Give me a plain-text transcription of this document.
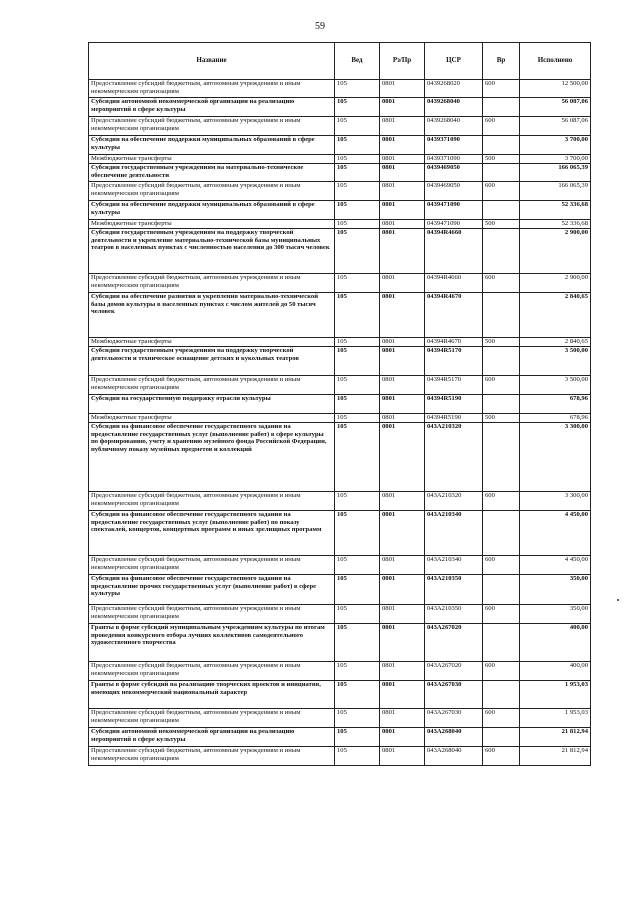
59
Название	Вед	Рз/Пр	ЦСР	Вр	Исполнено
Предоставление субсидий бюджетным, автономным учреждениям и иным некоммерческим организациям	105	0801	0439268020	600	12 500,00
Субсидии автономной некоммерческой организации на реализацию мероприятий в сфере культуры	105	0801	0439268040		56 087,06
Предоставление субсидий бюджетным, автономным учреждениям и иным некоммерческим организациям	105	0801	0439268040	600	56 087,06
Субсидии на обеспечение поддержки муниципальных образований в сфере культуры	105	0801	0439371090		3 700,00
Межбюджетные трансферты	105	0801	0439371090	500	3 700,00
Субсидии государственным учреждениям на материально-техническое обеспечение деятельности	105	0801	0439469050		166 065,39
Предоставление субсидий бюджетным, автономным учреждениям и иным некоммерческим организациям	105	0801	0439469050	600	166 065,39
Субсидии на обеспечение поддержки муниципальных образований в сфере культуры	105	0801	0439471090		52 336,68
Межбюджетные трансферты	105	0801	0439471090	500	52 336,68
Субсидии государственным учреждениям на поддержку творческой деятельности и укрепление материально-технической базы муниципальных театров в населенных пунктах с численностью населения до 300 тысяч человек	105	0801	04394R4660		2 900,00
Предоставление субсидий бюджетным, автономным учреждениям и иным некоммерческим организациям	105	0801	04394R4660	600	2 900,00
Субсидии на обеспечение развития и укрепления материально-технической базы домов культуры в населенных пунктах с числом жителей до 50 тысяч человек	105	0801	04394R4670		2 840,65
Межбюджетные трансферты	105	0801	04394R4670	500	2 840,65
Субсидии государственным учреждениям на поддержку творческой деятельности и техническое оснащение детских и кукольных театров	105	0801	04394R5170		3 500,00
Предоставление субсидий бюджетным, автономным учреждениям и иным некоммерческим организациям	105	0801	04394R5170	600	3 500,00
Субсидии на государственную поддержку отрасли культуры	105	0801	04394R5190		678,96
Межбюджетные трансферты	105	0801	04394R5190	500	678,96
Субсидии на финансовое обеспечение государственного задания на предоставление государственных услуг (выполнение работ) в сфере культуры по формированию, учету и хранению музейного фонда Российской Федерации, публичному показу музейных предметов и коллекций	105	0801	043A210320		3 300,00
Предоставление субсидий бюджетным, автономным учреждениям и иным некоммерческим организациям	105	0801	043A210320	600	3 300,00
Субсидии на финансовое обеспечение государственного задания на предоставление государственных услуг (выполнение работ) по показу спектаклей, концертов, концертных программ и иных зрелищных программ	105	0801	043A210340		4 450,00
Предоставление субсидий бюджетным, автономным учреждениям и иным некоммерческим организациям	105	0801	043A210340	600	4 450,00
Субсидии на финансовое обеспечение государственного задания на предоставление прочих государственных услуг (выполнение работ) в сфере культуры	105	0801	043A210350		350,00
Предоставление субсидий бюджетным, автономным учреждениям и иным некоммерческим организациям	105	0801	043A210350	600	350,00
Гранты в форме субсидий муниципальным учреждениям культуры по итогам проведения конкурсного отбора лучших коллективов самодеятельного художественного творчества	105	0801	043A267020		400,00
Предоставление субсидий бюджетным, автономным учреждениям и иным некоммерческим организациям	105	0801	043A267020	600	400,00
Гранты в форме субсидий на реализацию творческих проектов и инициатив, имеющих некоммерческий национальный характер	105	0801	043A267030		1 953,03
Предоставление субсидий бюджетным, автономным учреждениям и иным некоммерческим организациям	105	0801	043A267030	600	1 953,03
Субсидии автономной некоммерческой организации на реализацию мероприятий в сфере культуры	105	0801	043A268040		21 812,94
Предоставление субсидий бюджетным, автономным учреждениям и иным некоммерческим организациям	105	0801	043A268040	600	21 812,94
